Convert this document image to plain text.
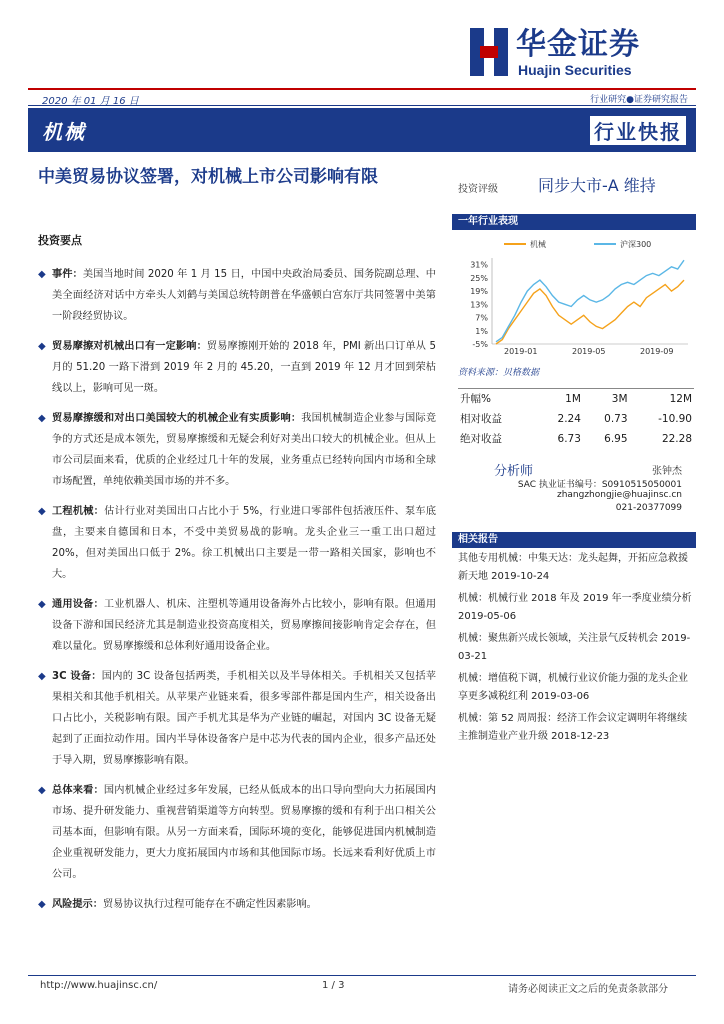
华金证券
Huajin Securities
2020 年 01 月 16 日	行业研究●证券研究报告
机械	行业快报
中美贸易协议签署，对机械上市公司影响有限
投资评级	同步大市-A 维持
投资要点
◆ 事件：美国当地时间 2020 年 1 月 15 日，中国中央政治局委员、国务院副总理、中美全面经济对话中方牵头人刘鹤与美国总统特朗普在华盛顿白宫东厅共同签署中美第一阶段经贸协议。
◆ 贸易摩擦对机械出口有一定影响：贸易摩擦刚开始的 2018 年，PMI 新出口订单从 5 月的 51.20 一路下滑到 2019 年 2 月的 45.20，一直到 2019 年 12 月才回到荣枯线以上，影响可见一斑。
◆ 贸易摩擦缓和对出口美国较大的机械企业有实质影响：我国机械制造企业参与国际竞争的方式还是成本领先，贸易摩擦缓和无疑会利好对美出口较大的机械企业。但从上市公司层面来看，优质的企业经过几十年的发展，业务重点已经转向国内市场和全球市场配置，单纯依赖美国市场的并不多。
◆ 工程机械：估计行业对美国出口占比小于 5%，行业进口零部件包括液压件、泵车底盘，主要来自德国和日本，不受中美贸易战的影响。龙头企业三一重工出口超过 20%，但对美国出口低于 2%。徐工机械出口主要是一带一路相关国家，影响也不大。
◆ 通用设备：工业机器人、机床、注塑机等通用设备海外占比较小，影响有限。但通用设备下游和国民经济尤其是制造业投资高度相关，贸易摩擦间接影响肯定会存在，但难以量化。贸易摩擦缓和总体利好通用设备企业。
◆ 3C 设备：国内的 3C 设备包括两类，手机相关以及半导体相关。手机相关又包括苹果相关和其他手机相关。从苹果产业链来看，很多零部件都是国内生产，相关设备出口占比小，关税影响有限。国产手机尤其是华为产业链的崛起，对国内 3C 设备无疑起到了正面拉动作用。国内半导体设备客户是中芯为代表的国内企业，很多产品还处于导入期，贸易摩擦影响有限。
◆ 总体来看：国内机械企业经过多年发展，已经从低成本的出口导向型向大力拓展国内市场、提升研发能力、重视营销渠道等方向转型。贸易摩擦的缓和有利于出口相关公司基本面，但影响有限。从另一方面来看，国际环境的变化，能够促进国内机械制造企业重视研发能力，更大力度拓展国内市场和其他国际市场。长远来看利好优质上市公司。
◆ 风险提示：贸易协议执行过程可能存在不确定性因素影响。
一年行业表现
31%
25%
19%
13%
7%
1%
-5%
2019-01	2019-05	2019-09
机械	沪深300
资料来源：贝格数据
升幅%	1M	3M	12M
相对收益	2.24	0.73	-10.90
绝对收益	6.73	6.95	22.28
分析师	张钟杰
SAC 执业证书编号：S0910515050001
zhangzhongjie@huajinsc.cn
021-20377099
相关报告
其他专用机械：中集天达：龙头起舞，开拓应急救援新天地 2019-10-24
机械：机械行业 2018 年及 2019 年一季度业绩分析 2019-05-06
机械：聚焦新兴成长领域，关注景气反转机会 2019-03-21
机械：增值税下调，机械行业议价能力强的龙头企业享更多减税红利 2019-03-06
机械：第 52 周周报：经济工作会议定调明年将继续主推制造业产业升级 2018-12-23
http://www.huajinsc.cn/	1 / 3	请务必阅读正文之后的免责条款部分
